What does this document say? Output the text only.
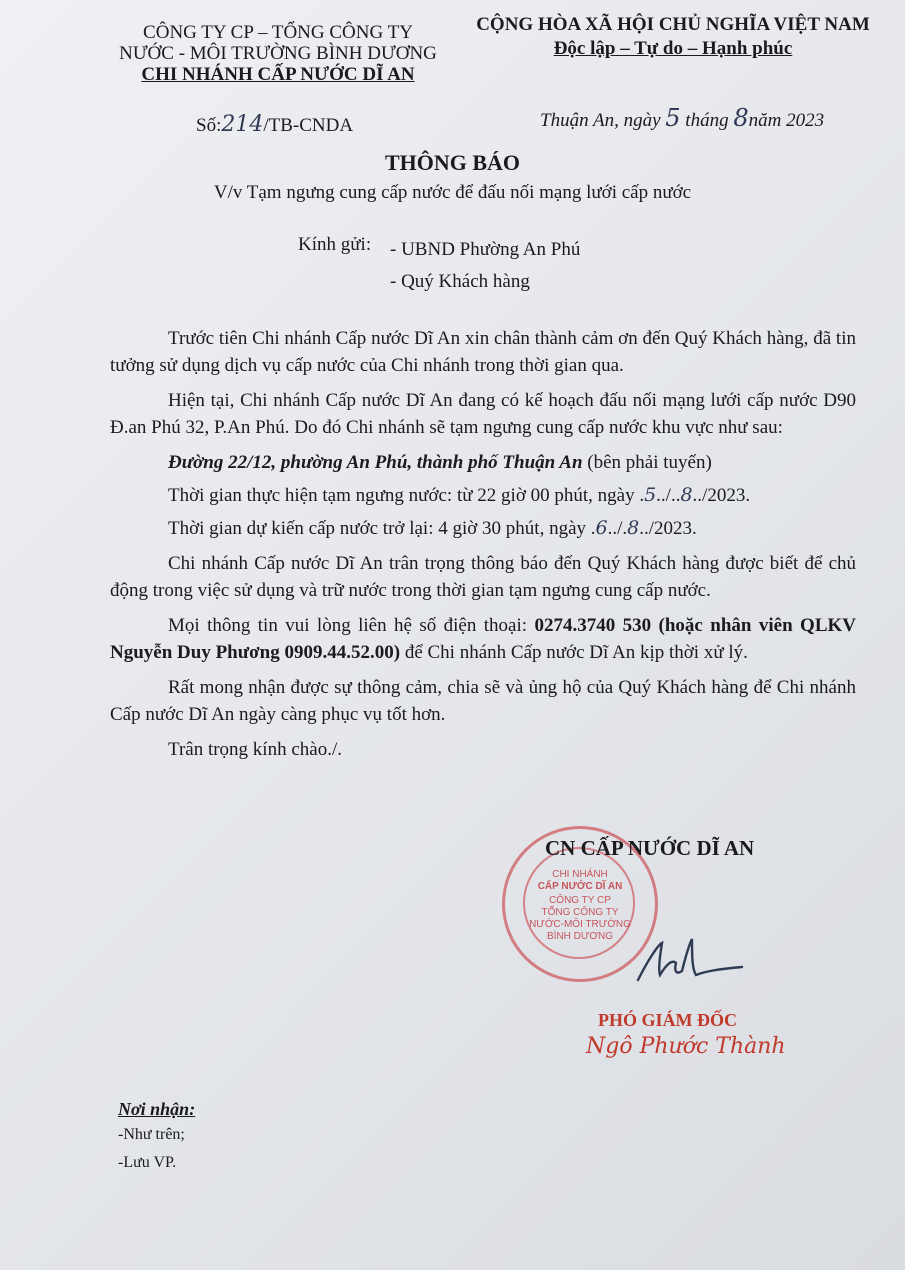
CÔNG TY CP – TỔNG CÔNG TY
NƯỚC - MÔI TRƯỜNG BÌNH DƯƠNG
CHI NHÁNH CẤP NƯỚC DĨ AN
CỘNG HÒA XÃ HỘI CHỦ NGHĨA VIỆT NAM
Độc lập – Tự do – Hạnh phúc
Số:214/TB-CNDA	Thuận An, ngày 5 tháng 8năm 2023
THÔNG BÁO
V/v Tạm ngưng cung cấp nước để đấu nối mạng lưới cấp nước
Kính gửi: - UBND Phường An Phú
- Quý Khách hàng
Trước tiên Chi nhánh Cấp nước Dĩ An xin chân thành cảm ơn đến Quý Khách hàng, đã tin tưởng sử dụng dịch vụ cấp nước của Chi nhánh trong thời gian qua.
Hiện tại, Chi nhánh Cấp nước Dĩ An đang có kế hoạch đấu nối mạng lưới cấp nước D90 Đ.an Phú 32, P.An Phú. Do đó Chi nhánh sẽ tạm ngưng cung cấp nước khu vực như sau:
Đường 22/12, phường An Phú, thành phố Thuận An (bên phải tuyến)
Thời gian thực hiện tạm ngưng nước: từ 22 giờ 00 phút, ngày .5../..8../2023.
Thời gian dự kiến cấp nước trở lại: 4 giờ 30 phút, ngày .6../.8../2023.
Chi nhánh Cấp nước Dĩ An trân trọng thông báo đến Quý Khách hàng được biết để chủ động trong việc sử dụng và trữ nước trong thời gian tạm ngưng cung cấp nước.
Mọi thông tin vui lòng liên hệ số điện thoại: 0274.3740 530 (hoặc nhân viên QLKV Nguyễn Duy Phương 0909.44.52.00) để Chi nhánh Cấp nước Dĩ An kịp thời xử lý.
Rất mong nhận được sự thông cảm, chia sẽ và ủng hộ của Quý Khách hàng để Chi nhánh Cấp nước Dĩ An ngày càng phục vụ tốt hơn.
Trân trọng kính chào./.
CN CẤP NƯỚC DĨ AN
CHI NHÁNH
CẤP NƯỚC DĨ AN
CÔNG TY CP
TỔNG CÔNG TY
NƯỚC-MÔI TRƯỜNG
BÌNH DƯƠNG
PHÓ GIÁM ĐỐC
Ngô Phước Thành
Nơi nhận:
-Như trên;
-Lưu VP.
